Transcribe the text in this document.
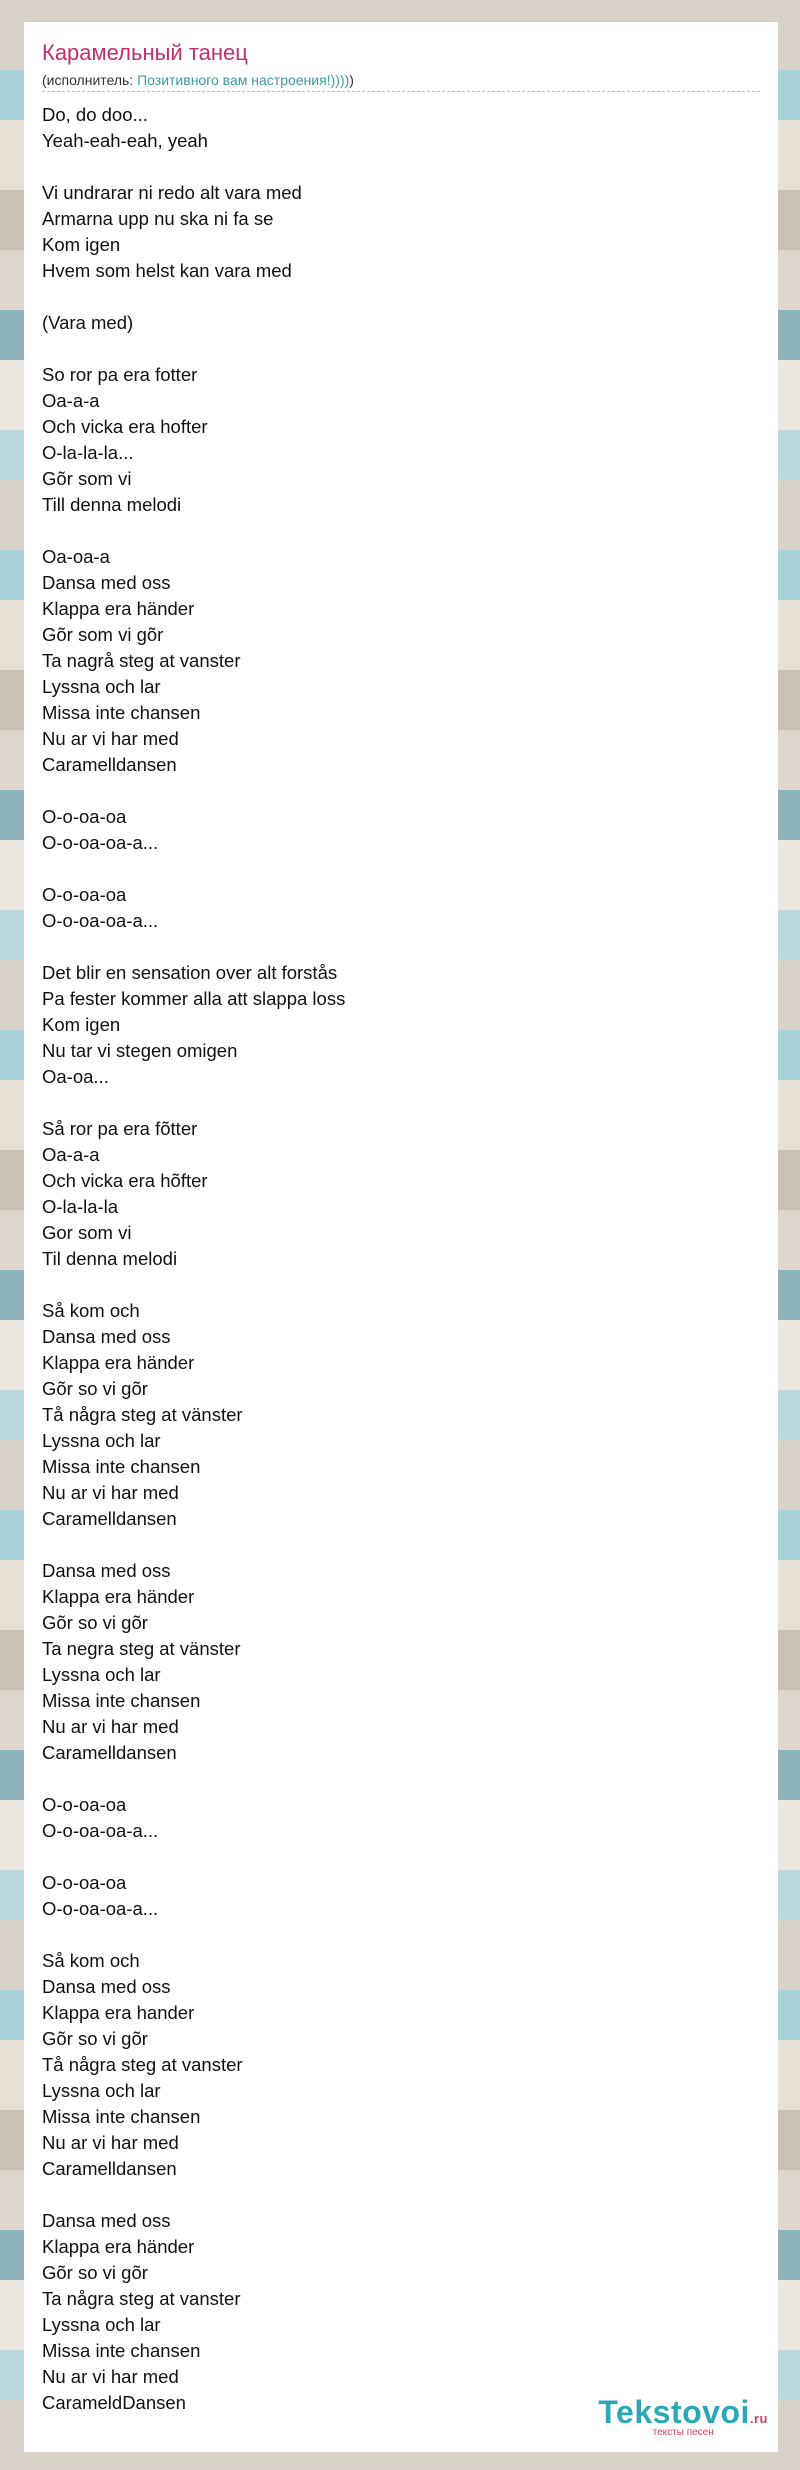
Карамельный танец

(исполнитель: Позитивного вам настроения!)))))

Do, do doo...
Yeah-eah-eah, yeah
Vi undrarar ni redo alt vara med
Armarna upp nu ska ni fa se
Kom igen
Hvem som helst kan vara med
(Vara med)
So ror pa era fotter
Oa-a-a
Och vicka era hofter
O-la-la-la...
Gõr som vi
Till denna melodi
Oa-oa-a
Dansa med oss
Klappa era händer
Gõr som vi gõr
Ta nagrå steg at vanster
Lyssna och lar
Missa inte chansen
Nu ar vi har med
Caramelldansen
O-o-oa-oa
O-o-oa-oa-a...
O-o-oa-oa
O-o-oa-oa-a...
Det blir en sensation over alt forstås
Pa fester kommer alla att slappa loss
Kom igen
Nu tar vi stegen omigen
Oa-oa...
Så ror pa era fõtter
Oa-a-a
Och vicka era hõfter
O-la-la-la
Gor som vi
Til denna melodi
Så kom och
Dansa med oss
Klappa era händer
Gõr so vi gõr
Tå några steg at vänster
Lyssna och lar
Missa inte chansen
Nu ar vi har med
Caramelldansen
Dansa med oss
Klappa era händer
Gõr so vi gõr
Ta negra steg at vänster
Lyssna och lar
Missa inte chansen
Nu ar vi har med
Caramelldansen
O-o-oa-oa
O-o-oa-oa-a...
O-o-oa-oa
O-o-oa-oa-a...
Så kom och
Dansa med oss
Klappa era hander
Gõr so vi gõr
Tå några steg at vanster
Lyssna och lar
Missa inte chansen
Nu ar vi har med
Caramelldansen
Dansa med oss
Klappa era händer
Gõr so vi gõr
Ta några steg at vanster
Lyssna och lar
Missa inte chansen
Nu ar vi har med
CarameldDansen	Tekstovoi.ru
тексты песен
